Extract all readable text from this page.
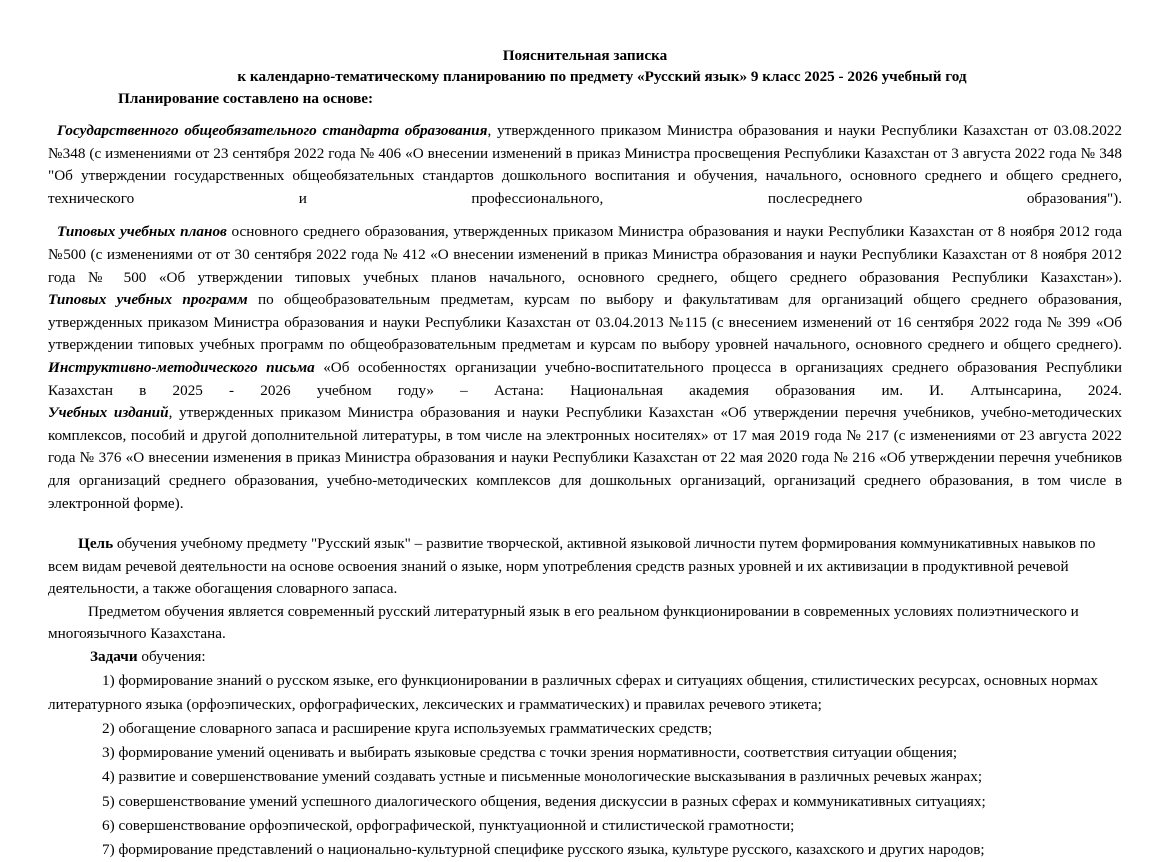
Пояснительная записка
к календарно-тематическому планированию по предмету «Русский язык» 9 класс 2025 - 2026 учебный год
Планирование составлено на основе:

Государственного общеобязательного стандарта образования, утвержденного приказом Министра образования и науки Республики Казахстан от 03.08.2022 №348 (с изменениями от 23 сентября 2022 года № 406 «О внесении изменений в приказ Министра просвещения Республики Казахстан от 3 августа 2022 года № 348 "Об утверждении государственных общеобязательных стандартов дошкольного воспитания и обучения, начального, основного среднего и общего среднего, технического и профессионального, послесреднего образования").

Типовых учебных планов основного среднего образования, утвержденных приказом Министра образования и науки Республики Казахстан от 8 ноября 2012 года №500 (с изменениями от от 30 сентября 2022 года № 412 «О внесении изменений в приказ Министра образования и науки Республики Казахстан от 8 ноября 2012 года № 500 «Об утверждении типовых учебных планов начального, основного среднего, общего среднего образования Республики Казахстан»).

Типовых учебных программ по общеобразовательным предметам, курсам по выбору и факультативам для организаций общего среднего образования, утвержденных приказом Министра образования и науки Республики Казахстан от 03.04.2013 №115 (с внесением изменений от 16 сентября 2022 года № 399 «Об утверждении типовых учебных программ по общеобразовательным предметам и курсам по выбору уровней начального, основного среднего и общего среднего).

Инструктивно-методического письма «Об особенностях организации учебно-воспитательного процесса в организациях среднего образования Республики Казахстан в 2025 - 2026 учебном году» – Астана: Национальная академия образования им. И. Алтынсарина, 2024.

Учебных изданий, утвержденных приказом Министра образования и науки Республики Казахстан «Об утверждении перечня учебников, учебно-методических комплексов, пособий и другой дополнительной литературы, в том числе на электронных носителях» от 17 мая 2019 года № 217 (с изменениями от 23 августа 2022 года № 376 «О внесении изменения в приказ Министра образования и науки Республики Казахстан от 22 мая 2020 года № 216 «Об утверждении перечня учебников для организаций среднего образования, учебно-методических комплексов для дошкольных организаций, организаций среднего образования, в том числе в электронной форме).

Цель обучения учебному предмету "Русский язык" – развитие творческой, активной языковой личности путем формирования коммуникативных навыков по всем видам речевой деятельности на основе освоения знаний о языке, норм употребления средств разных уровней и их активизации в продуктивной речевой деятельности, а также обогащения словарного запаса.

Предметом обучения является современный русский литературный язык в его реальном функционировании в современных условиях полиэтнического и многоязычного Казахстана.

Задачи обучения:

1) формирование знаний о русском языке, его функционировании в различных сферах и ситуациях общения, стилистических ресурсах, основных нормах литературного языка (орфоэпических, орфографических, лексических и грамматических) и правилах речевого этикета;

2) обогащение словарного запаса и расширение круга используемых грамматических средств;

3) формирование умений оценивать и выбирать языковые средства с точки зрения нормативности, соответствия ситуации общения;

4) развитие и совершенствование умений создавать устные и письменные монологические высказывания в различных речевых жанрах;

5) совершенствование умений успешного диалогического общения, ведения дискуссии в разных сферах и коммуникативных ситуациях;

6) совершенствование орфоэпической, орфографической, пунктуационной и стилистической грамотности;

7) формирование представлений о национально-культурной специфике русского языка, культуре русского, казахского и других народов;
